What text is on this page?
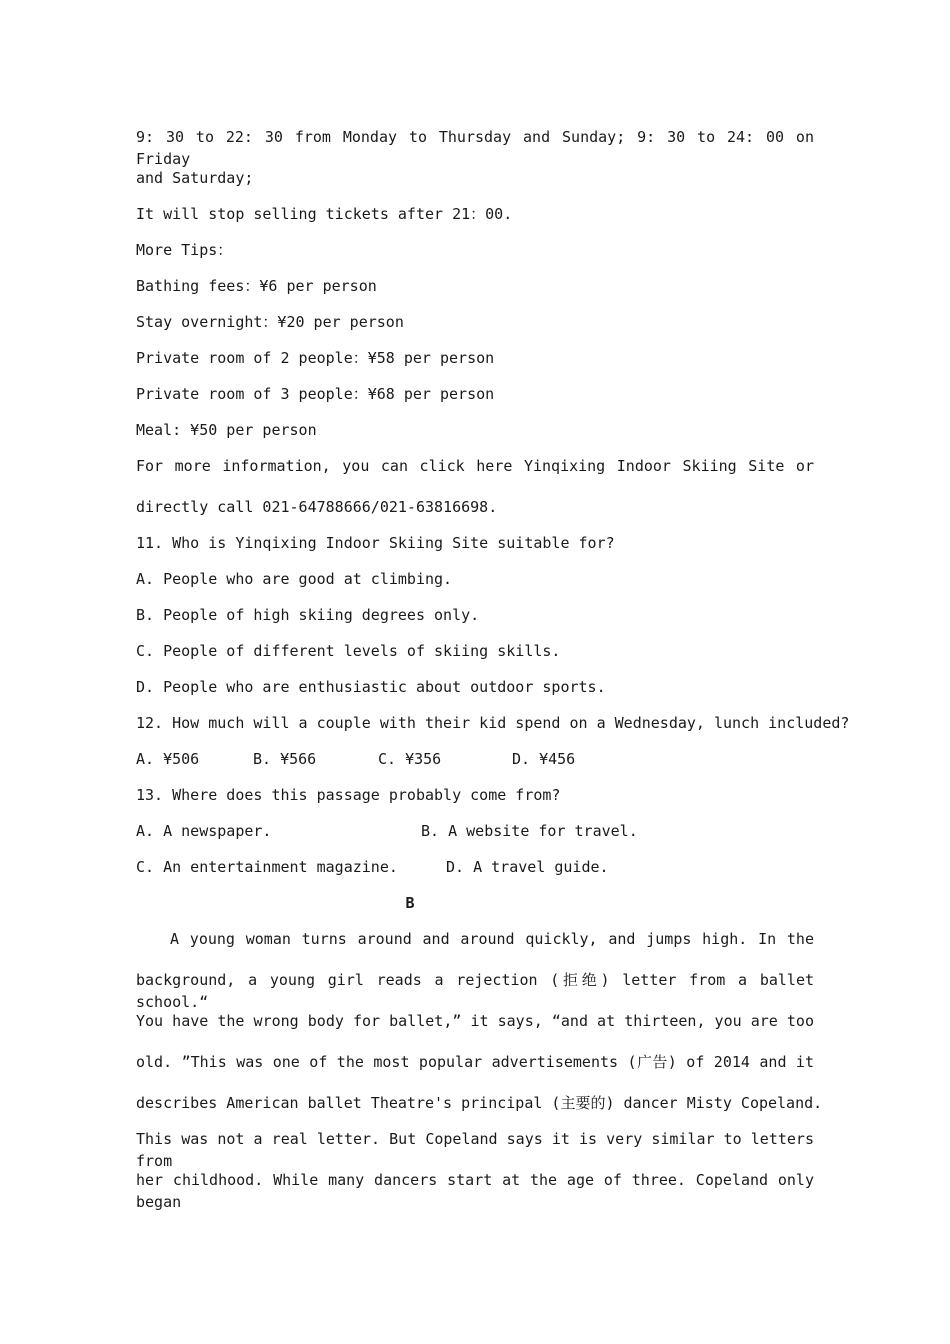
9: 30 to 22: 30 from Monday to Thursday and Sunday; 9: 30 to 24: 00 on Friday
and Saturday;
It will stop selling tickets after 21：00.
More Tips：
Bathing fees：¥6 per person
Stay overnight：¥20 per person
Private room of 2 people：¥58 per person
Private room of 3 people：¥68 per person
Meal: ¥50 per person
For more information, you can click here Yinqixing Indoor Skiing Site or
directly call 021-64788666/021-63816698.
11. Who is Yinqixing Indoor Skiing Site suitable for?
A. People who are good at climbing.
B. People of high skiing degrees only.
C. People of different levels of skiing skills.
D. People who are enthusiastic about outdoor sports.
12. How much will a couple with their kid spend on a Wednesday, lunch included?
A. ¥506	B. ¥566	C. ¥356	D. ¥456
13. Where does this passage probably come from?
A. A newspaper.	B. A website for travel.
C. An entertainment magazine.	D. A travel guide.
B
A young woman turns around and around quickly, and jumps high. In the
background, a young girl reads a rejection (拒绝) letter from a ballet school.“
You have the wrong body for ballet,” it says, “and at thirteen, you are too
old. ”This was one of the most popular advertisements (广告) of 2014 and it
describes American ballet Theatre's principal (主要的) dancer Misty Copeland.
This was not a real letter. But Copeland says it is very similar to letters from
her childhood. While many dancers start at the age of three. Copeland only began
